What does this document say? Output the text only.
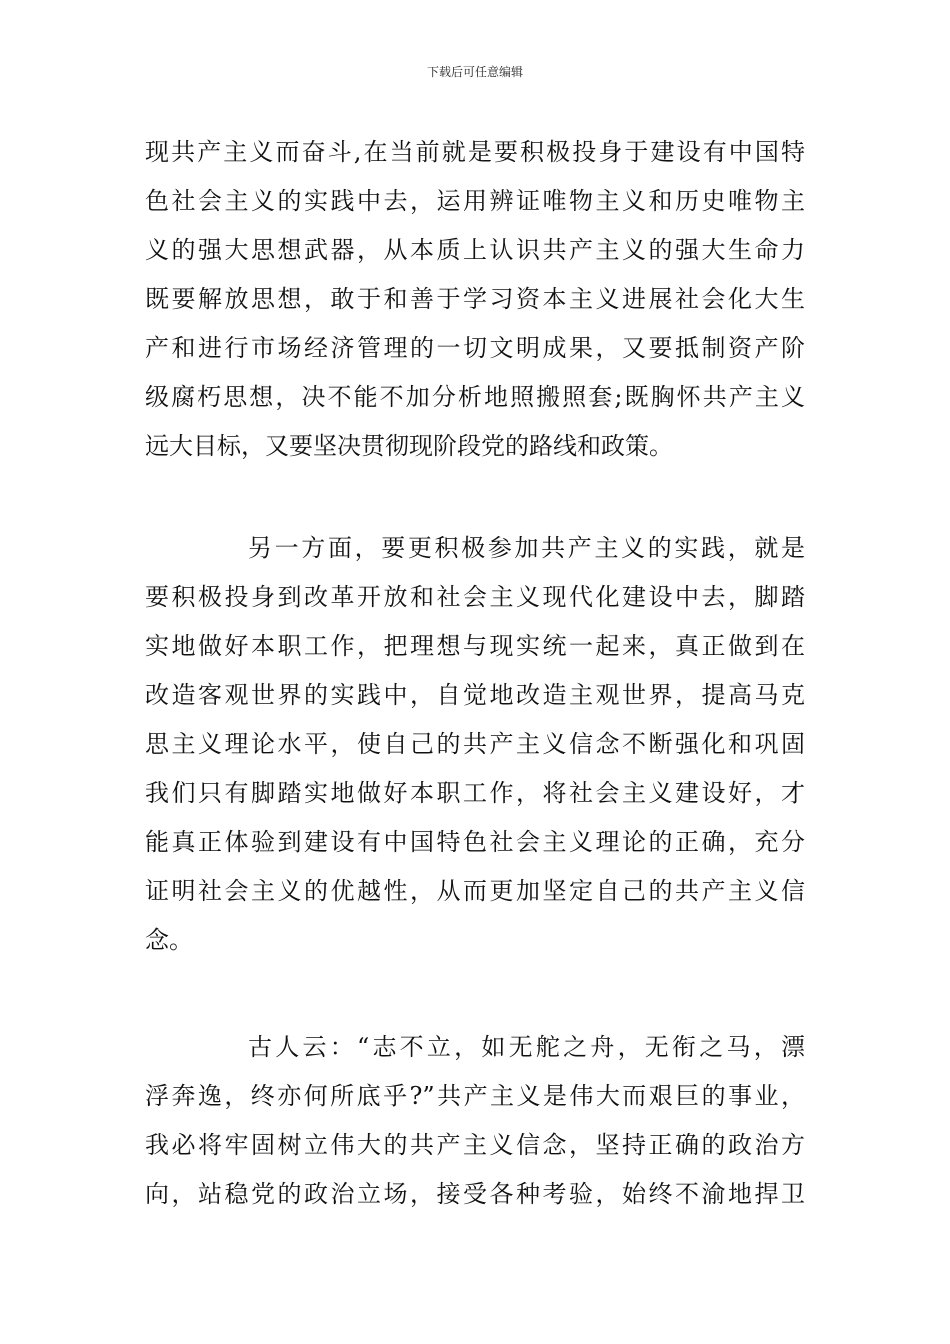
下载后可任意编辑
现共产主义而奋斗,在当前就是要积极投身于建设有中国特
色社会主义的实践中去，运用辨证唯物主义和历史唯物主
义的强大思想武器，从本质上认识共产主义的强大生命力
既要解放思想，敢于和善于学习资本主义进展社会化大生
产和进行市场经济管理的一切文明成果，又要抵制资产阶
级腐朽思想，决不能不加分析地照搬照套;既胸怀共产主义
远大目标，又要坚决贯彻现阶段党的路线和政策。
另一方面，要更积极参加共产主义的实践，就是
要积极投身到改革开放和社会主义现代化建设中去，脚踏
实地做好本职工作，把理想与现实统一起来，真正做到在
改造客观世界的实践中，自觉地改造主观世界，提高马克
思主义理论水平，使自己的共产主义信念不断强化和巩固
我们只有脚踏实地做好本职工作，将社会主义建设好，才
能真正体验到建设有中国特色社会主义理论的正确，充分
证明社会主义的优越性，从而更加坚定自己的共产主义信
念。
古人云：“志不立，如无舵之舟，无衔之马，漂
浮奔逸，终亦何所底乎?”共产主义是伟大而艰巨的事业，
我必将牢固树立伟大的共产主义信念，坚持正确的政治方
向，站稳党的政治立场，接受各种考验，始终不渝地捍卫
